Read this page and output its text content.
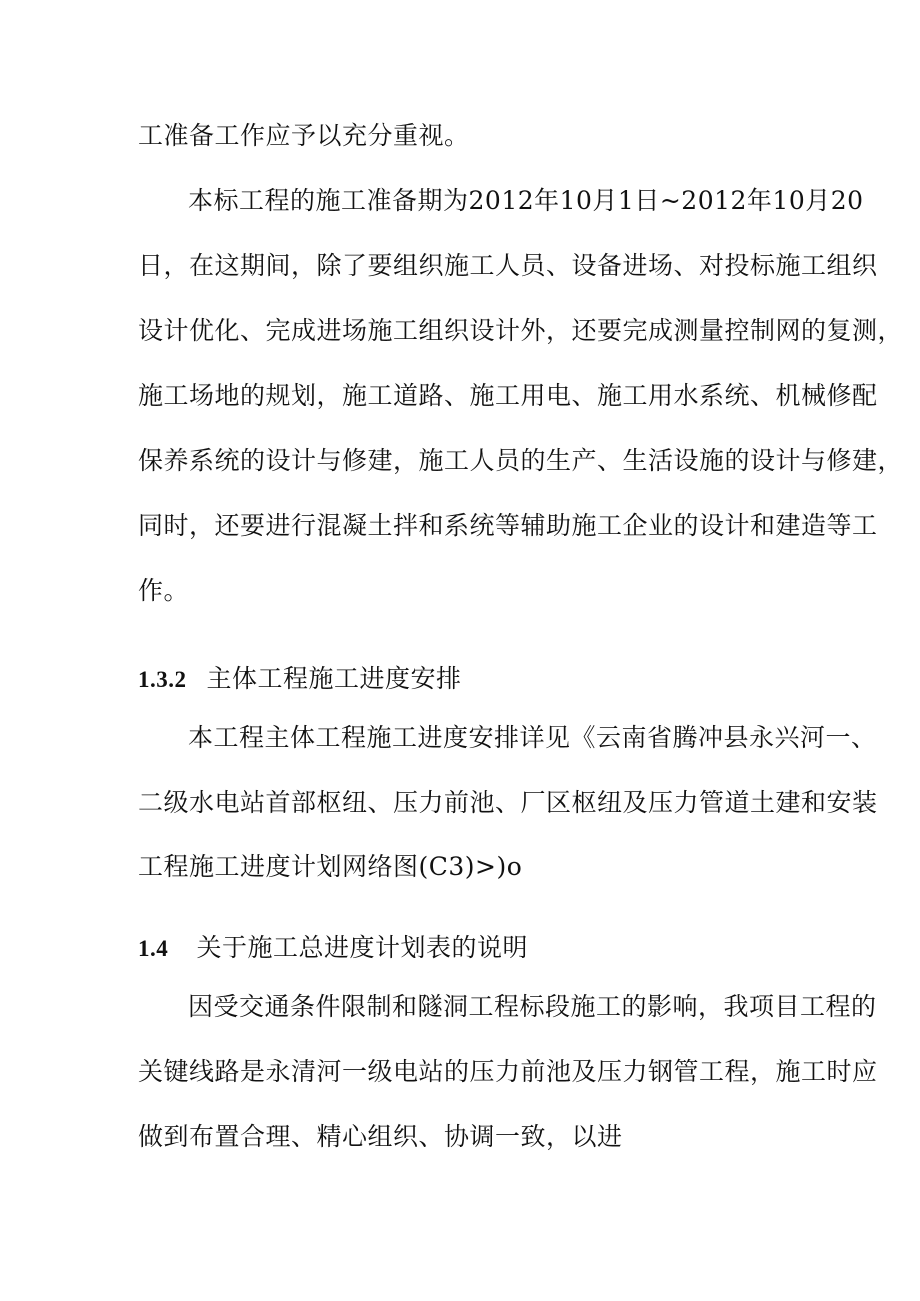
工准备工作应予以充分重视。
本标工程的施工准备期为2012年10月1日~2012年10月20
日，在这期间，除了要组织施工人员、设备进场、对投标施工组织
设计优化、完成进场施工组织设计外，还要完成测量控制网的复测，
施工场地的规划，施工道路、施工用电、施工用水系统、机械修配
保养系统的设计与修建，施工人员的生产、生活设施的设计与修建，
同时，还要进行混凝土拌和系统等辅助施工企业的设计和建造等工
作。
1.3.2 主体工程施工进度安排
本工程主体工程施工进度安排详见《云南省腾冲县永兴河一、
二级水电站首部枢纽、压力前池、厂区枢纽及压力管道土建和安装
工程施工进度计划网络图(C3)>)o
1.4 关于施工总进度计划表的说明
因受交通条件限制和隧洞工程标段施工的影响，我项目工程的
关键线路是永清河一级电站的压力前池及压力钢管工程，施工时应
做到布置合理、精心组织、协调一致，以进
